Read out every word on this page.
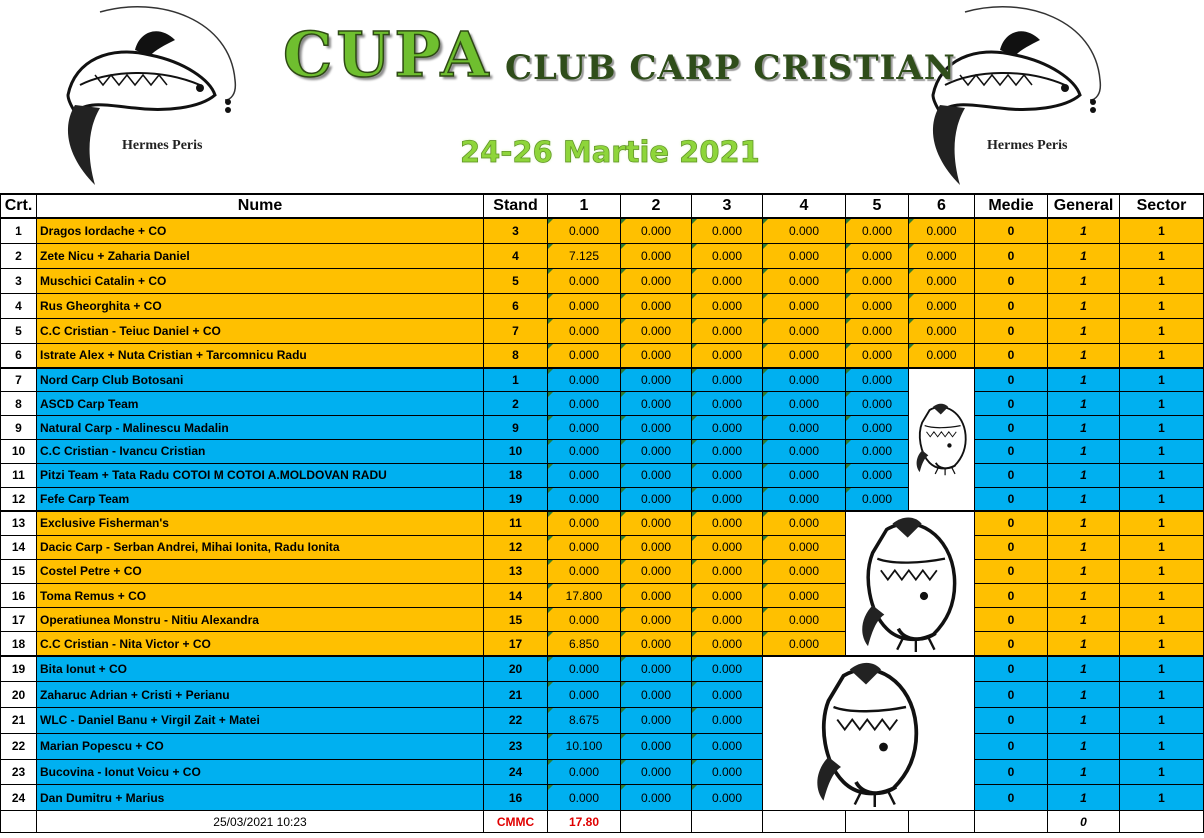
Hermes Peris	Hermes Peris
CUPA CLUB CARP CRISTIAN
24-26 Martie 2021
Crt.	Nume	Stand	1	2	3	4	5	6	Medie	General	Sector
1	Dragos Iordache + CO	3	0.000	0.000	0.000	0.000	0.000	0.000	0	1	1
2	Zete Nicu + Zaharia Daniel	4	7.125	0.000	0.000	0.000	0.000	0.000	0	1	1
3	Muschici Catalin + CO	5	0.000	0.000	0.000	0.000	0.000	0.000	0	1	1
4	Rus Gheorghita + CO	6	0.000	0.000	0.000	0.000	0.000	0.000	0	1	1
5	C.C Cristian - Teiuc Daniel + CO	7	0.000	0.000	0.000	0.000	0.000	0.000	0	1	1
6	Istrate Alex + Nuta Cristian + Tarcomnicu Radu	8	0.000	0.000	0.000	0.000	0.000	0.000	0	1	1
7	Nord Carp Club Botosani	1	0.000	0.000	0.000	0.000	0.000		0	1	1
8	ASCD Carp Team	2	0.000	0.000	0.000	0.000	0.000		0	1	1
9	Natural Carp - Malinescu Madalin	9	0.000	0.000	0.000	0.000	0.000		0	1	1
10	C.C Cristian - Ivancu Cristian	10	0.000	0.000	0.000	0.000	0.000		0	1	1
11	Pitzi Team + Tata Radu COTOI M COTOI A.MOLDOVAN RADU	18	0.000	0.000	0.000	0.000	0.000		0	1	1
12	Fefe Carp Team	19	0.000	0.000	0.000	0.000	0.000		0	1	1
13	Exclusive Fisherman's	11	0.000	0.000	0.000	0.000			0	1	1
14	Dacic Carp - Serban Andrei, Mihai Ionita, Radu Ionita	12	0.000	0.000	0.000	0.000			0	1	1
15	Costel Petre + CO	13	0.000	0.000	0.000	0.000			0	1	1
16	Toma Remus + CO	14	17.800	0.000	0.000	0.000			0	1	1
17	Operatiunea Monstru - Nitiu Alexandra	15	0.000	0.000	0.000	0.000			0	1	1
18	C.C Cristian - Nita Victor + CO	17	6.850	0.000	0.000	0.000			0	1	1
19	Bita Ionut + CO	20	0.000	0.000	0.000				0	1	1
20	Zaharuc Adrian + Cristi + Perianu	21	0.000	0.000	0.000				0	1	1
21	WLC - Daniel Banu + Virgil Zait + Matei	22	8.675	0.000	0.000				0	1	1
22	Marian Popescu + CO	23	10.100	0.000	0.000				0	1	1
23	Bucovina - Ionut Voicu + CO	24	0.000	0.000	0.000				0	1	1
24	Dan Dumitru + Marius	16	0.000	0.000	0.000				0	1	1
	25/03/2021 10:23	CMMC	17.80							0	
